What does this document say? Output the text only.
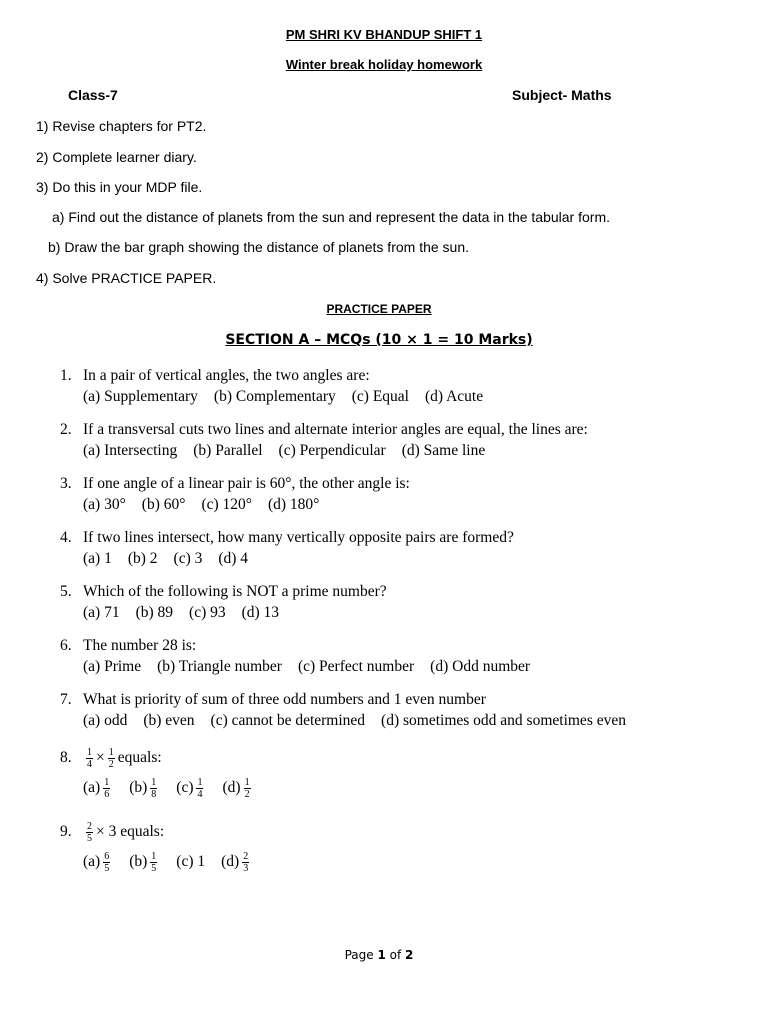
PM SHRI KV BHANDUP SHIFT 1
Winter break holiday homework
Class-7	Subject- Maths
1) Revise chapters for PT2.
2) Complete learner diary.
3) Do this in your MDP file.
a) Find out the distance of planets from the sun and represent the data in the tabular form.
b) Draw the bar graph showing the distance of planets from the sun.
4) Solve PRACTICE PAPER.
PRACTICE PAPER
SECTION A – MCQs (10 × 1 = 10 Marks)
1. In a pair of vertical angles, the two angles are:
(a) Supplementary (b) Complementary (c) Equal (d) Acute
2. If a transversal cuts two lines and alternate interior angles are equal, the lines are:
(a) Intersecting (b) Parallel (c) Perpendicular (d) Same line
3. If one angle of a linear pair is 60°, the other angle is:
(a) 30° (b) 60° (c) 120° (d) 180°
4. If two lines intersect, how many vertically opposite pairs are formed?
(a) 1 (b) 2 (c) 3 (d) 4
5. Which of the following is NOT a prime number?
(a) 71 (b) 89 (c) 93 (d) 13
6. The number 28 is:
(a) Prime (b) Triangle number (c) Perfect number (d) Odd number
7. What is priority of sum of three odd numbers and 1 even number
(a) odd (b) even (c) cannot be determined (d) sometimes odd and sometimes even
8.	$\frac{1}{4} \times \frac{1}{2}$ equals:
$(a) \frac{1}{6} (b) \frac{1}{8} (c) \frac{1}{4} (d) \frac{1}{2}$
9.	$\frac{2}{5} \times 3$ equals:
$(a) \frac{6}{5} (b) \frac{1}{5} (c)$ 1 $(d) \frac{2}{3}$
Page 1 of 2
